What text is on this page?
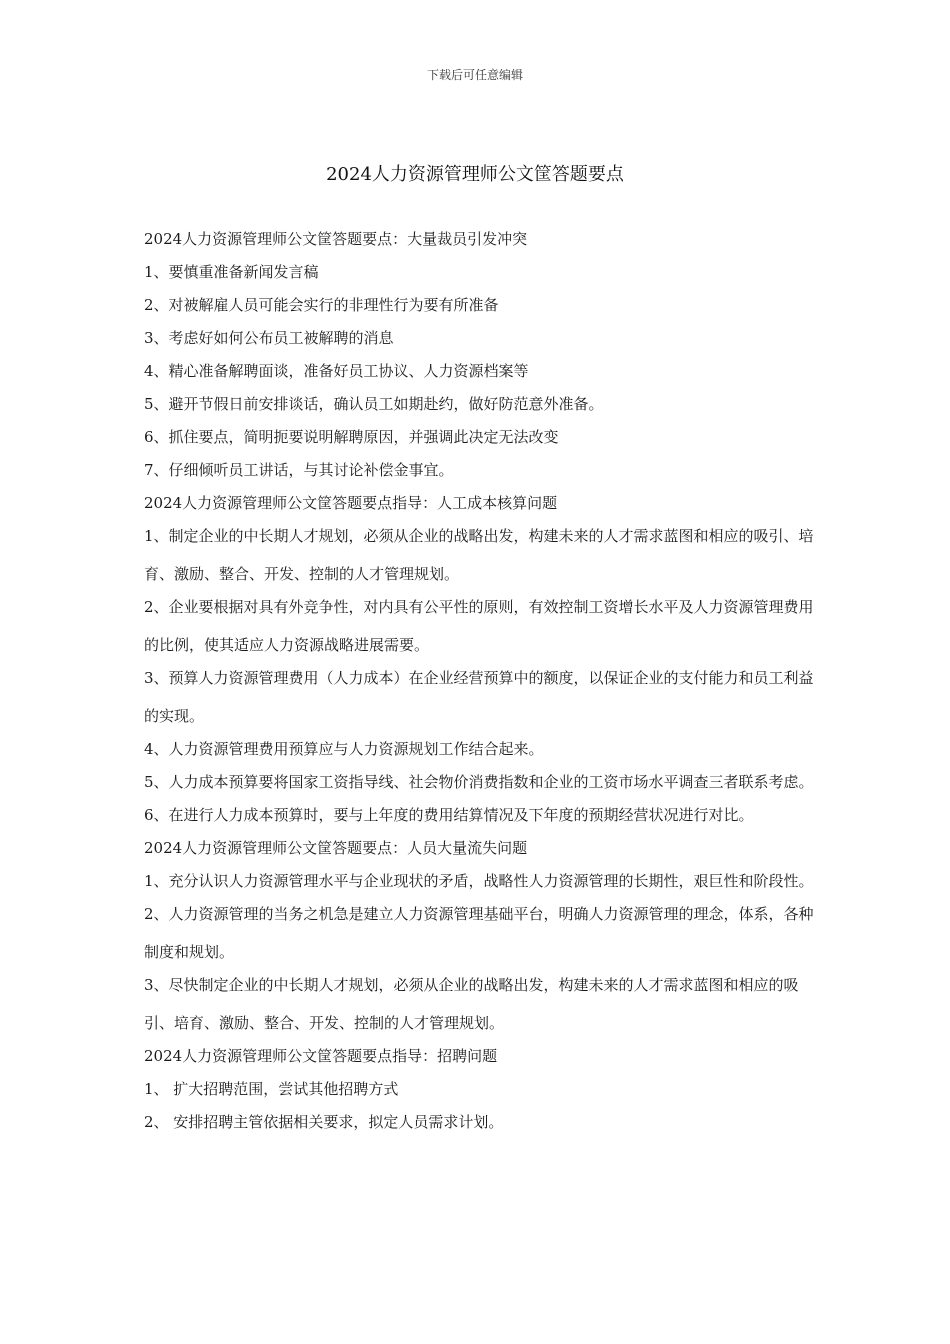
下载后可任意编辑
2024人力资源管理师公文筐答题要点

2024人力资源管理师公文筐答题要点：大量裁员引发冲突

1、要慎重准备新闻发言稿

2、对被解雇人员可能会实行的非理性行为要有所准备

3、考虑好如何公布员工被解聘的消息

4、精心准备解聘面谈，准备好员工协议、人力资源档案等

5、避开节假日前安排谈话，确认员工如期赴约，做好防范意外准备。

6、抓住要点，简明扼要说明解聘原因，并强调此决定无法改变

7、仔细倾听员工讲话，与其讨论补偿金事宜。

2024人力资源管理师公文筐答题要点指导：人工成本核算问题

1、制定企业的中长期人才规划，必须从企业的战略出发，构建未来的人才需求蓝图和相应的吸引、培育、激励、整合、开发、控制的人才管理规划。

2、企业要根据对具有外竞争性，对内具有公平性的原则，有效控制工资增长水平及人力资源管理费用的比例，使其适应人力资源战略进展需要。

3、预算人力资源管理费用（人力成本）在企业经营预算中的额度，以保证企业的支付能力和员工利益的实现。

4、人力资源管理费用预算应与人力资源规划工作结合起来。

5、人力成本预算要将国家工资指导线、社会物价消费指数和企业的工资市场水平调查三者联系考虑。

6、在进行人力成本预算时，要与上年度的费用结算情况及下年度的预期经营状况进行对比。

2024人力资源管理师公文筐答题要点：人员大量流失问题

1、充分认识人力资源管理水平与企业现状的矛盾，战略性人力资源管理的长期性，艰巨性和阶段性。

2、人力资源管理的当务之机急是建立人力资源管理基础平台，明确人力资源管理的理念，体系，各种制度和规划。

3、尽快制定企业的中长期人才规划，必须从企业的战略出发，构建未来的人才需求蓝图和相应的吸引、培育、激励、整合、开发、控制的人才管理规划。

2024人力资源管理师公文筐答题要点指导：招聘问题

1、 扩大招聘范围，尝试其他招聘方式

2、 安排招聘主管依据相关要求，拟定人员需求计划。
